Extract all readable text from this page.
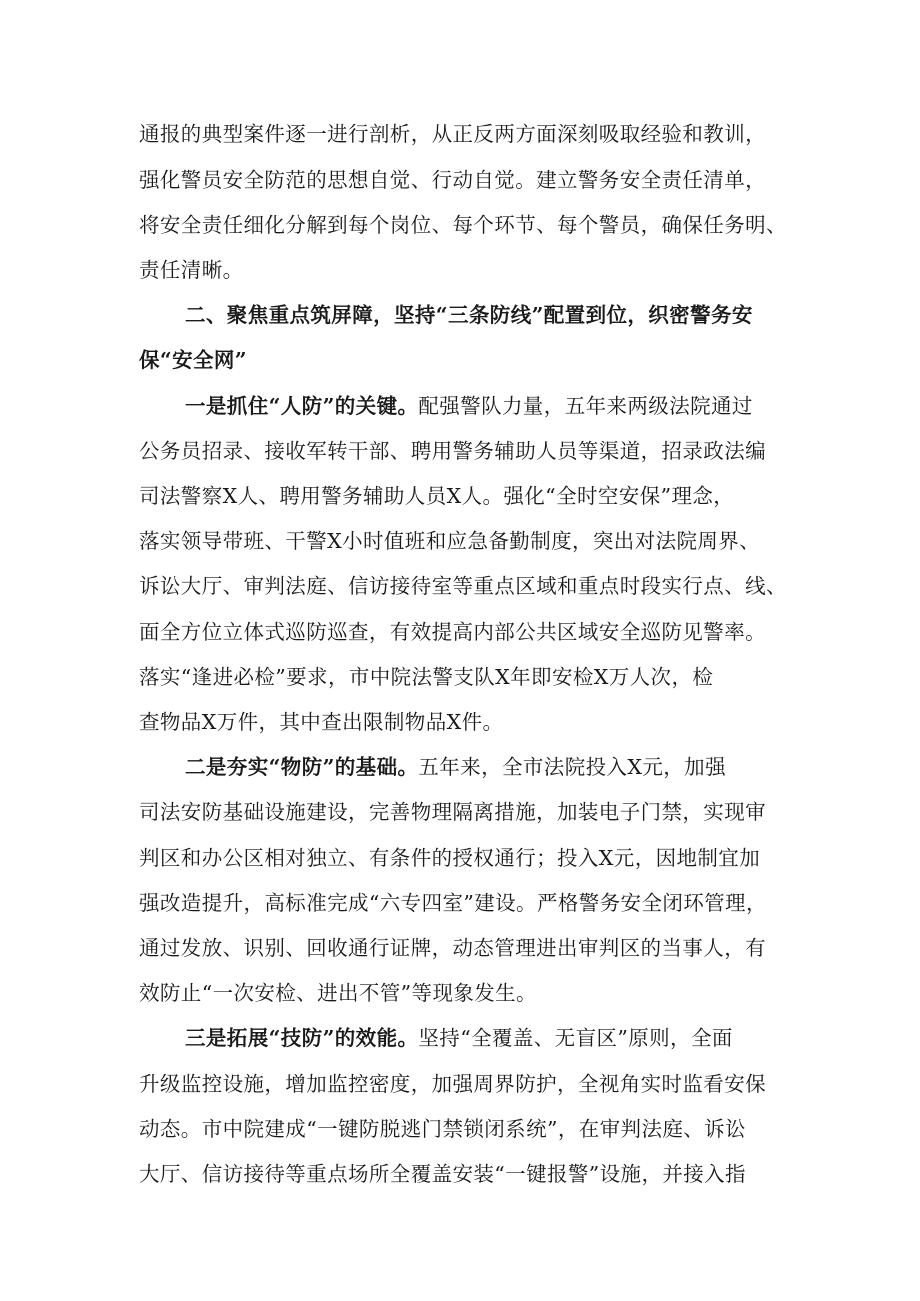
通报的典型案件逐一进行剖析，从正反两方面深刻吸取经验和教训，
强化警员安全防范的思想自觉、行动自觉。建立警务安全责任清单，
将安全责任细化分解到每个岗位、每个环节、每个警员，确保任务明、
责任清晰。
二、聚焦重点筑屏障，坚持“三条防线”配置到位，织密警务安
保“安全网”
一是抓住“人防”的关键。配强警队力量，五年来两级法院通过
公务员招录、接收军转干部、聘用警务辅助人员等渠道，招录政法编
司法警察X人、聘用警务辅助人员X人。强化“全时空安保”理念，
落实领导带班、干警X小时值班和应急备勤制度，突出对法院周界、
诉讼大厅、审判法庭、信访接待室等重点区域和重点时段实行点、线、
面全方位立体式巡防巡查，有效提高内部公共区域安全巡防见警率。
落实“逢进必检”要求，市中院法警支队X年即安检X万人次，检
查物品X万件，其中查出限制物品X件。
二是夯实“物防”的基础。五年来，全市法院投入X元，加强
司法安防基础设施建设，完善物理隔离措施，加装电子门禁，实现审
判区和办公区相对独立、有条件的授权通行；投入X元，因地制宜加
强改造提升，高标准完成“六专四室”建设。严格警务安全闭环管理，
通过发放、识别、回收通行证牌，动态管理进出审判区的当事人，有
效防止“一次安检、进出不管”等现象发生。
三是拓展“技防”的效能。坚持“全覆盖、无盲区”原则，全面
升级监控设施，增加监控密度，加强周界防护，全视角实时监看安保
动态。市中院建成“一键防脱逃门禁锁闭系统”，在审判法庭、诉讼
大厅、信访接待等重点场所全覆盖安装“一键报警”设施，并接入指
